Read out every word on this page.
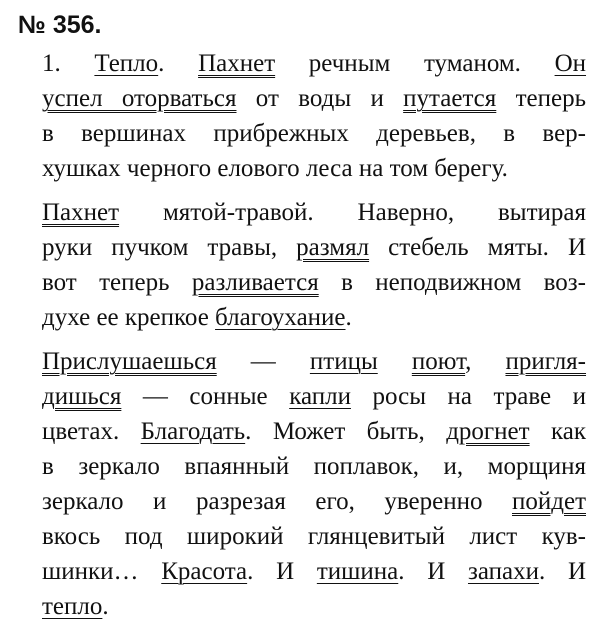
№ 356.
1. Тепло. Пахнет речным туманом. Он
успел оторваться от воды и путается теперь
в вершинах прибрежных деревьев, в вер-
хушках черного елового леса на том берегу.
Пахнет мятой-травой. Наверно, вытирая
руки пучком травы, размял стебель мяты. И
вот теперь разливается в неподвижном воз-
духе ее крепкое благоухание.
Прислушаешься — птицы поют, пригля-
дишься — сонные капли росы на траве и
цветах. Благодать. Может быть, дрогнет как
в зеркало впаянный поплавок, и, морщиня
зеркало и разрезая его, уверенно пойдет
вкось под широкий глянцевитый лист кув-
шинки… Красота. И тишина. И запахи. И
тепло.
